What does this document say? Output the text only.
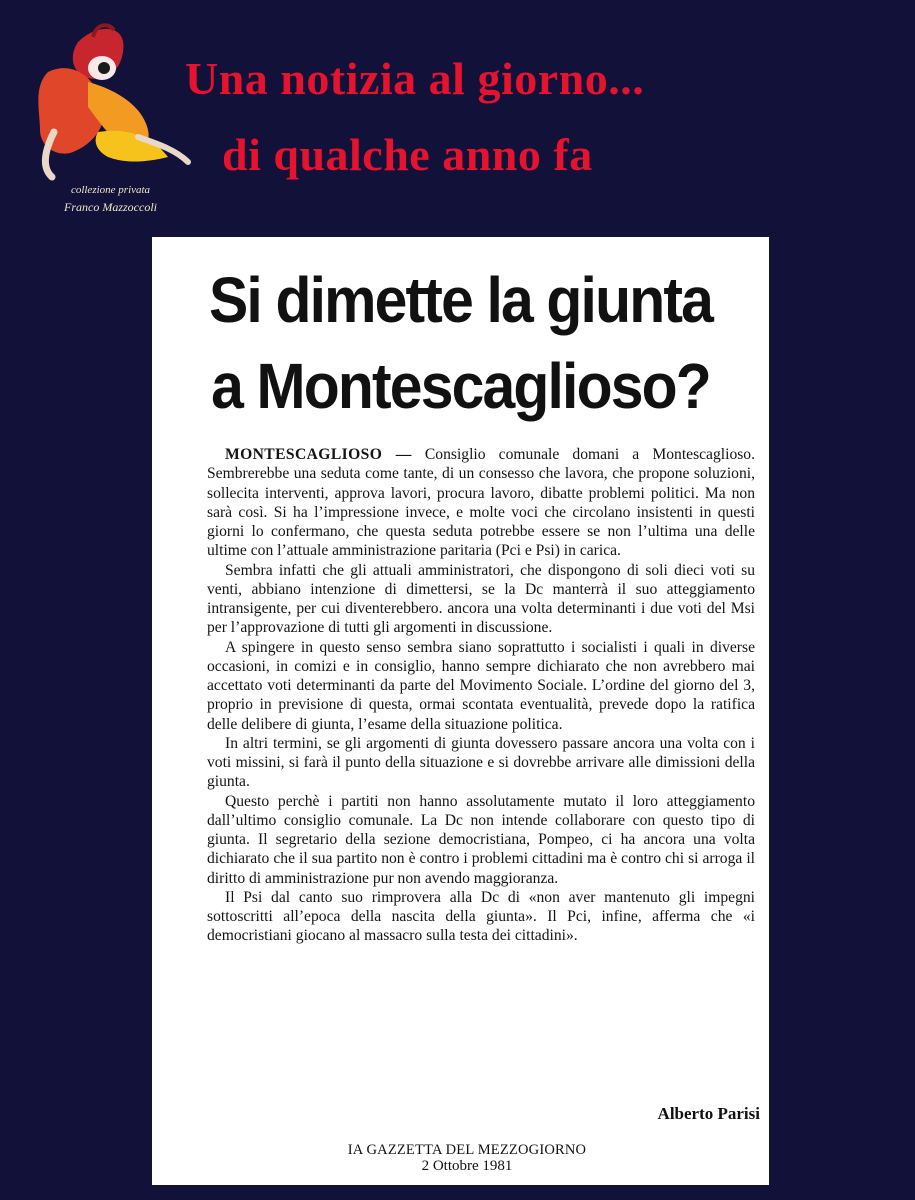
collezione privata
Franco Mazzoccoli
Una notizia al giorno...
di qualche anno fa
Si dimette la giunta
a Montescaglioso?

MONTESCAGLIOSO — Consiglio comunale domani a Montescaglioso. Sembrerebbe una seduta come tante, di un consesso che lavora, che propone soluzioni, sollecita interventi, approva lavori, procura lavoro, dibatte problemi politici. Ma non sarà così. Si ha l’impressione invece, e molte voci che circolano insistenti in questi giorni lo confermano, che questa seduta potrebbe essere se non l’ultima una delle ultime con l’attuale amministrazione paritaria (Pci e Psi) in carica.

Sembra infatti che gli attuali amministratori, che dispongono di soli dieci voti su venti, abbiano intenzione di dimettersi, se la Dc manterrà il suo atteggiamento intransigente, per cui diventerebbero. ancora una volta determinanti i due voti del Msi per l’approvazione di tutti gli argomenti in discussione.

A spingere in questo senso sembra siano soprattutto i socialisti i quali in diverse occasioni, in comizi e in consiglio, hanno sempre dichiarato che non avrebbero mai accettato voti determinanti da parte del Movimento Sociale. L’ordine del giorno del 3, proprio in previsione di questa, ormai scontata eventualità, prevede dopo la ratifica delle delibere di giunta, l’esame della situazione politica.

In altri termini, se gli argomenti di giunta dovessero passare ancora una volta con i voti missini, si farà il punto della situazione e si dovrebbe arrivare alle dimissioni della giunta.

Questo perchè i partiti non hanno assolutamente mutato il loro atteggiamento dall’ultimo consiglio comunale. La Dc non intende collaborare con questo tipo di giunta. Il segretario della sezione democristiana, Pompeo, ci ha ancora una volta dichiarato che il sua partito non è contro i problemi cittadini ma è contro chi si arroga il diritto di amministrazione pur non avendo maggioranza.

Il Psi dal canto suo rimprovera alla Dc di «non aver mantenuto gli impegni sottoscritti all’epoca della nascita della giunta». Il Pci, infine, afferma che «i democristiani giocano al massacro sulla testa dei cittadini».

Alberto Parisi
IA GAZZETTA DEL MEZZOGIORNO
2 Ottobre 1981
